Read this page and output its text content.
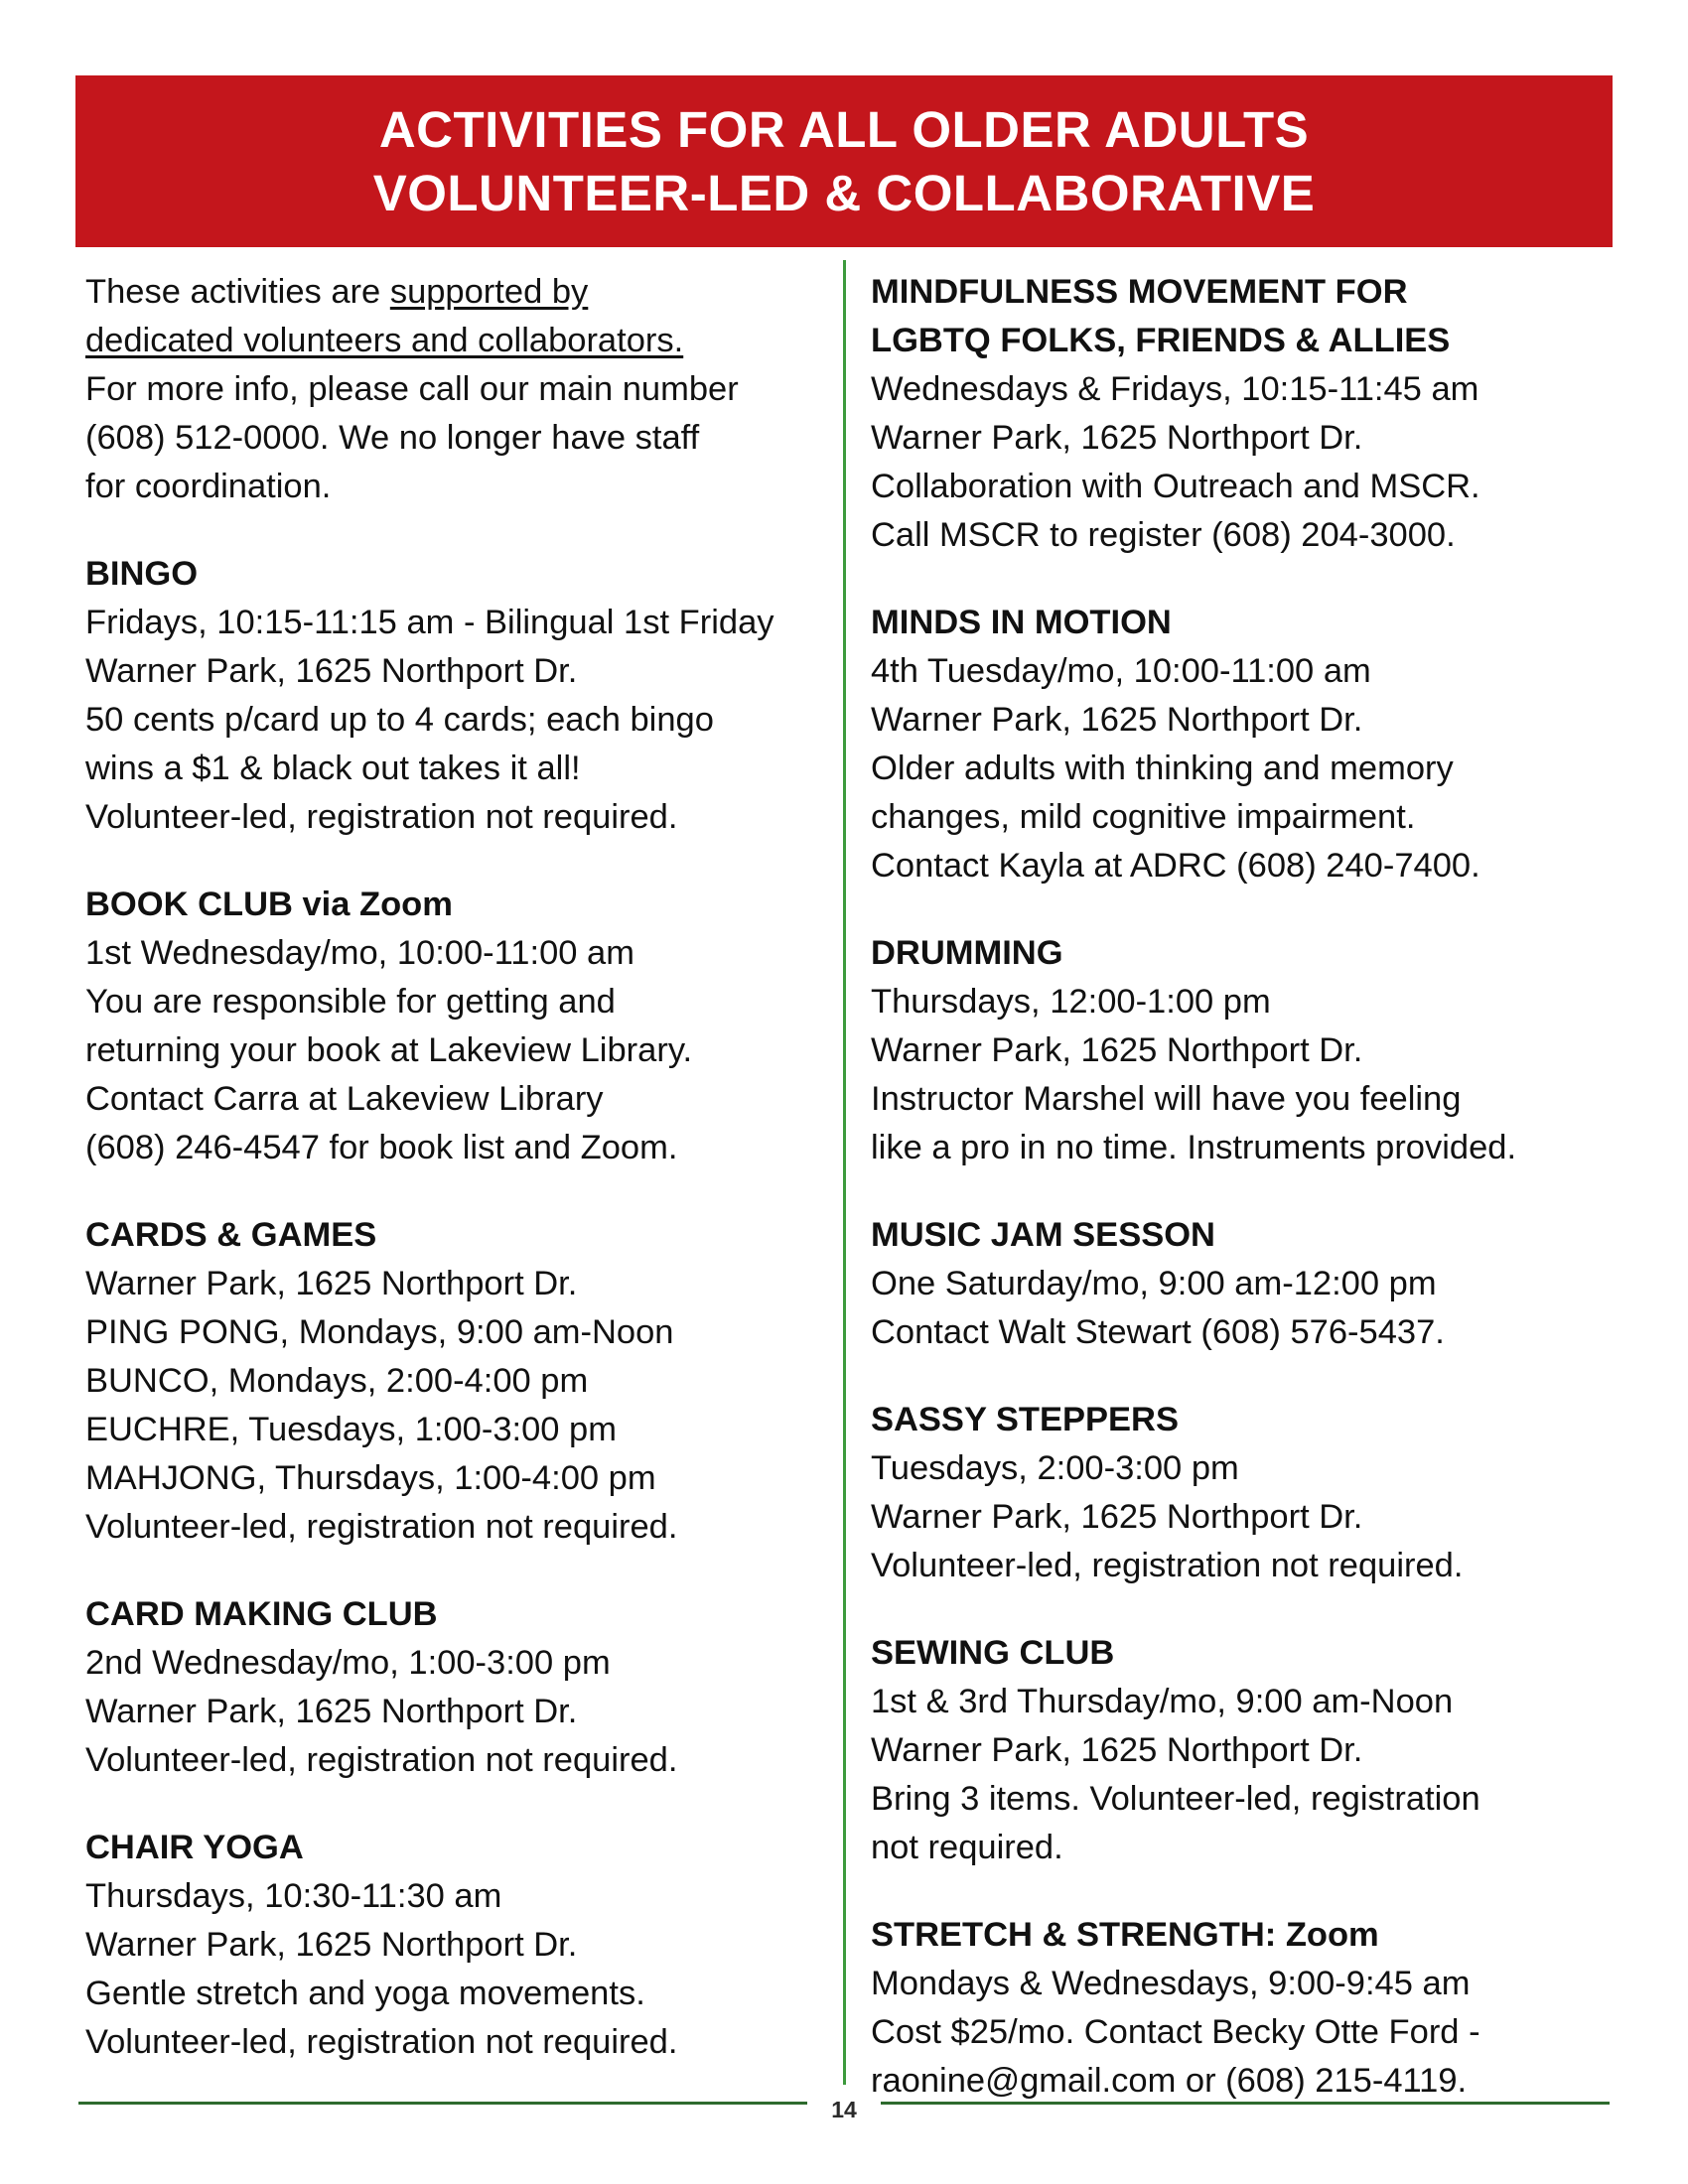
ACTIVITIES FOR ALL OLDER ADULTS
VOLUNTEER-LED & COLLABORATIVE
These activities are supported by
dedicated volunteers and collaborators.
For more info, please call our main number
(608) 512-0000. We no longer have staff
for coordination.
BINGO
Fridays, 10:15-11:15 am - Bilingual 1st Friday
Warner Park, 1625 Northport Dr.
50 cents p/card up to 4 cards; each bingo
wins a $1 & black out takes it all!
Volunteer-led, registration not required.
BOOK CLUB via Zoom
1st Wednesday/mo, 10:00-11:00 am
You are responsible for getting and
returning your book at Lakeview Library.
Contact Carra at Lakeview Library
(608) 246-4547 for book list and Zoom.
CARDS & GAMES
Warner Park, 1625 Northport Dr.
PING PONG, Mondays, 9:00 am-Noon
BUNCO, Mondays, 2:00-4:00 pm
EUCHRE, Tuesdays, 1:00-3:00 pm
MAHJONG, Thursdays, 1:00-4:00 pm
Volunteer-led, registration not required.
CARD MAKING CLUB
2nd Wednesday/mo, 1:00-3:00 pm
Warner Park, 1625 Northport Dr.
Volunteer-led, registration not required.
CHAIR YOGA
Thursdays, 10:30-11:30 am
Warner Park, 1625 Northport Dr.
Gentle stretch and yoga movements.
Volunteer-led, registration not required.
MINDFULNESS MOVEMENT FOR
LGBTQ FOLKS, FRIENDS & ALLIES
Wednesdays & Fridays, 10:15-11:45 am
Warner Park, 1625 Northport Dr.
Collaboration with Outreach and MSCR.
Call MSCR to register (608) 204-3000.
MINDS IN MOTION
4th Tuesday/mo, 10:00-11:00 am
Warner Park, 1625 Northport Dr.
Older adults with thinking and memory
changes, mild cognitive impairment.
Contact Kayla at ADRC (608) 240-7400.
DRUMMING
Thursdays, 12:00-1:00 pm
Warner Park, 1625 Northport Dr.
Instructor Marshel will have you feeling
like a pro in no time. Instruments provided.
MUSIC JAM SESSON
One Saturday/mo, 9:00 am-12:00 pm
Contact Walt Stewart (608) 576-5437.
SASSY STEPPERS
Tuesdays, 2:00-3:00 pm
Warner Park, 1625 Northport Dr.
Volunteer-led, registration not required.
SEWING CLUB
1st & 3rd Thursday/mo, 9:00 am-Noon
Warner Park, 1625 Northport Dr.
Bring 3 items. Volunteer-led, registration
not required.
STRETCH & STRENGTH: Zoom
Mondays & Wednesdays, 9:00-9:45 am
Cost $25/mo. Contact Becky Otte Ford -
raonine@gmail.com or (608) 215-4119.
14
